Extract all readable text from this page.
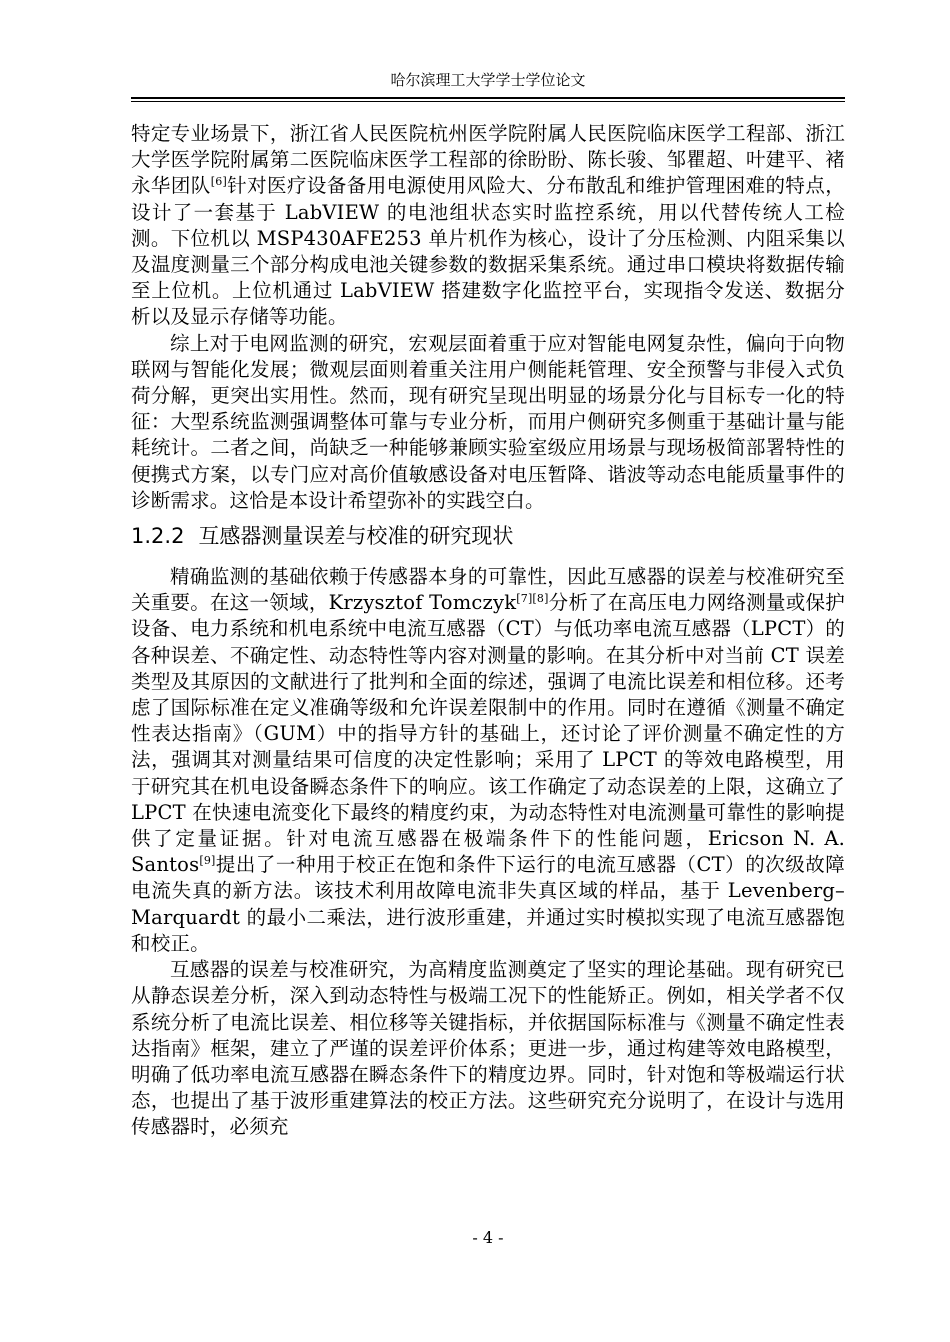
哈尔滨理工大学学士学位论文

特定专业场景下，浙江省人民医院杭州医学院附属人民医院临床医学工程部、浙江大学医学院附属第二医院临床医学工程部的徐盼盼、陈长骏、邹瞿超、叶建平、褚永华团队[6]针对医疗设备备用电源使用风险大、分布散乱和维护管理困难的特点，设计了一套基于 LabVIEW 的电池组状态实时监控系统，用以代替传统人工检测。下位机以 MSP430AFE253 单片机作为核心，设计了分压检测、内阻采集以及温度测量三个部分构成电池关键参数的数据采集系统。通过串口模块将数据传输至上位机。上位机通过 LabVIEW 搭建数字化监控平台，实现指令发送、数据分析以及显示存储等功能。

综上对于电网监测的研究，宏观层面着重于应对智能电网复杂性，偏向于向物联网与智能化发展；微观层面则着重关注用户侧能耗管理、安全预警与非侵入式负荷分解，更突出实用性。然而，现有研究呈现出明显的场景分化与目标专一化的特征：大型系统监测强调整体可靠与专业分析，而用户侧研究多侧重于基础计量与能耗统计。二者之间，尚缺乏一种能够兼顾实验室级应用场景与现场极简部署特性的便携式方案，以专门应对高价值敏感设备对电压暂降、谐波等动态电能质量事件的诊断需求。这恰是本设计希望弥补的实践空白。

1.2.2 互感器测量误差与校准的研究现状

精确监测的基础依赖于传感器本身的可靠性，因此互感器的误差与校准研究至关重要。在这一领域，Krzysztof Tomczyk[7][8]分析了在高压电力网络测量或保护设备、电力系统和机电系统中电流互感器（CT）与低功率电流互感器（LPCT）的各种误差、不确定性、动态特性等内容对测量的影响。在其分析中对当前 CT 误差类型及其原因的文献进行了批判和全面的综述，强调了电流比误差和相位移。还考虑了国际标准在定义准确等级和允许误差限制中的作用。同时在遵循《测量不确定性表达指南》（GUM）中的指导方针的基础上，还讨论了评价测量不确定性的方法，强调其对测量结果可信度的决定性影响；采用了 LPCT 的等效电路模型，用于研究其在机电设备瞬态条件下的响应。该工作确定了动态误差的上限，这确立了 LPCT 在快速电流变化下最终的精度约束，为动态特性对电流测量可靠性的影响提供了定量证据。针对电流互感器在极端条件下的性能问题，Ericson N. A. Santos[9]提出了一种用于校正在饱和条件下运行的电流互感器（CT）的次级故障电流失真的新方法。该技术利用故障电流非失真区域的样品，基于 Levenberg–Marquardt 的最小二乘法，进行波形重建，并通过实时模拟实现了电流互感器饱和校正。

互感器的误差与校准研究，为高精度监测奠定了坚实的理论基础。现有研究已从静态误差分析，深入到动态特性与极端工况下的性能矫正。例如，相关学者不仅系统分析了电流比误差、相位移等关键指标，并依据国际标准与《测量不确定性表达指南》框架，建立了严谨的误差评价体系；更进一步，通过构建等效电路模型，明确了低功率电流互感器在瞬态条件下的精度边界。同时，针对饱和等极端运行状态，也提出了基于波形重建算法的校正方法。这些研究充分说明了，在设计与选用传感器时，必须充

- 4 -
